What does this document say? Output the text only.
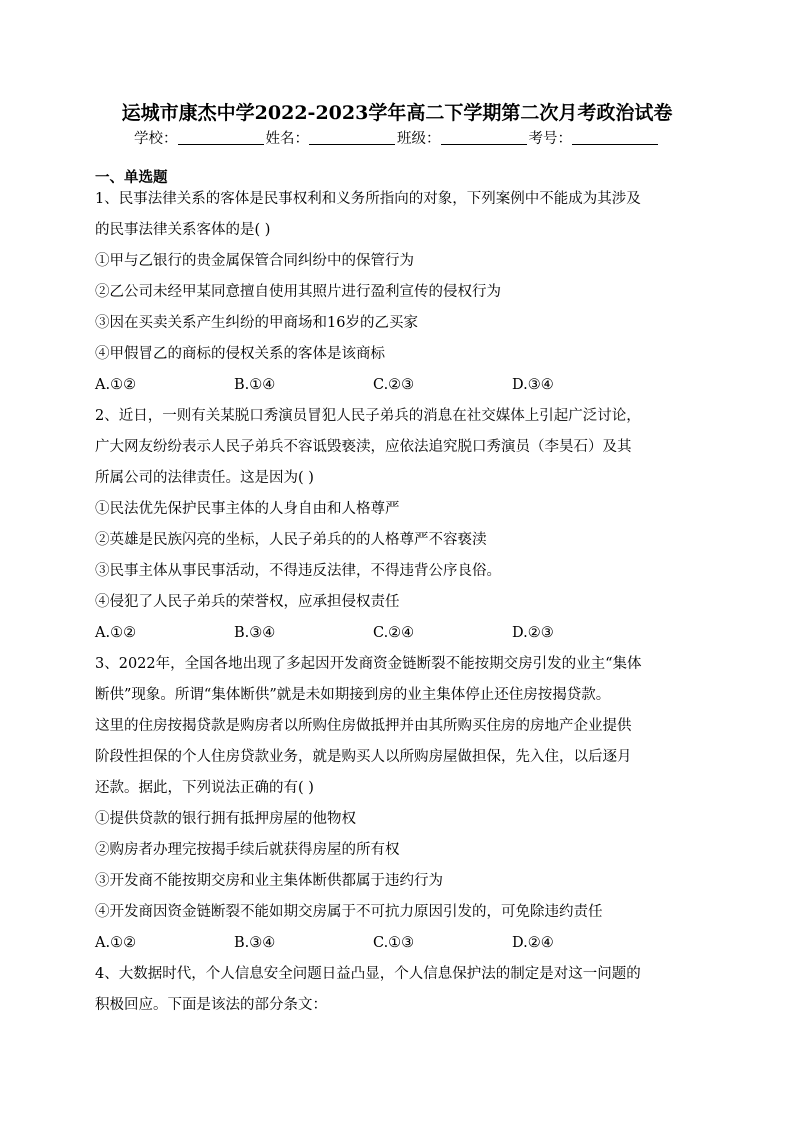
运城市康杰中学2022-2023学年高二下学期第二次月考政治试卷
学校：	姓名：	班级：	考号：
一、单选题
1、民事法律关系的客体是民事权利和义务所指向的对象，下列案例中不能成为其涉及
的民事法律关系客体的是( )
①甲与乙银行的贵金属保管合同纠纷中的保管行为
②乙公司未经甲某同意擅自使用其照片进行盈利宣传的侵权行为
③因在买卖关系产生纠纷的甲商场和16岁的乙买家
④甲假冒乙的商标的侵权关系的客体是该商标
A.①②	B.①④	C.②③	D.③④
2、近日，一则有关某脱口秀演员冒犯人民子弟兵的消息在社交媒体上引起广泛讨论，
广大网友纷纷表示人民子弟兵不容诋毁亵渎，应依法追究脱口秀演员（李昊石）及其
所属公司的法律责任。这是因为( )
①民法优先保护民事主体的人身自由和人格尊严
②英雄是民族闪亮的坐标，人民子弟兵的的人格尊严不容亵渎
③民事主体从事民事活动，不得违反法律，不得违背公序良俗。
④侵犯了人民子弟兵的荣誉权，应承担侵权责任
A.①②	B.③④	C.②④	D.②③
3、2022年，全国各地出现了多起因开发商资金链断裂不能按期交房引发的业主“集体
断供”现象。所谓“集体断供”就是未如期接到房的业主集体停止还住房按揭贷款。
这里的住房按揭贷款是购房者以所购住房做抵押并由其所购买住房的房地产企业提供
阶段性担保的个人住房贷款业务，就是购买人以所购房屋做担保，先入住，以后逐月
还款。据此，下列说法正确的有( )
①提供贷款的银行拥有抵押房屋的他物权
②购房者办理完按揭手续后就获得房屋的所有权
③开发商不能按期交房和业主集体断供都属于违约行为
④开发商因资金链断裂不能如期交房属于不可抗力原因引发的，可免除违约责任
A.①②	B.③④	C.①③	D.②④
4、大数据时代，个人信息安全问题日益凸显，个人信息保护法的制定是对这一问题的
积极回应。下面是该法的部分条文：
